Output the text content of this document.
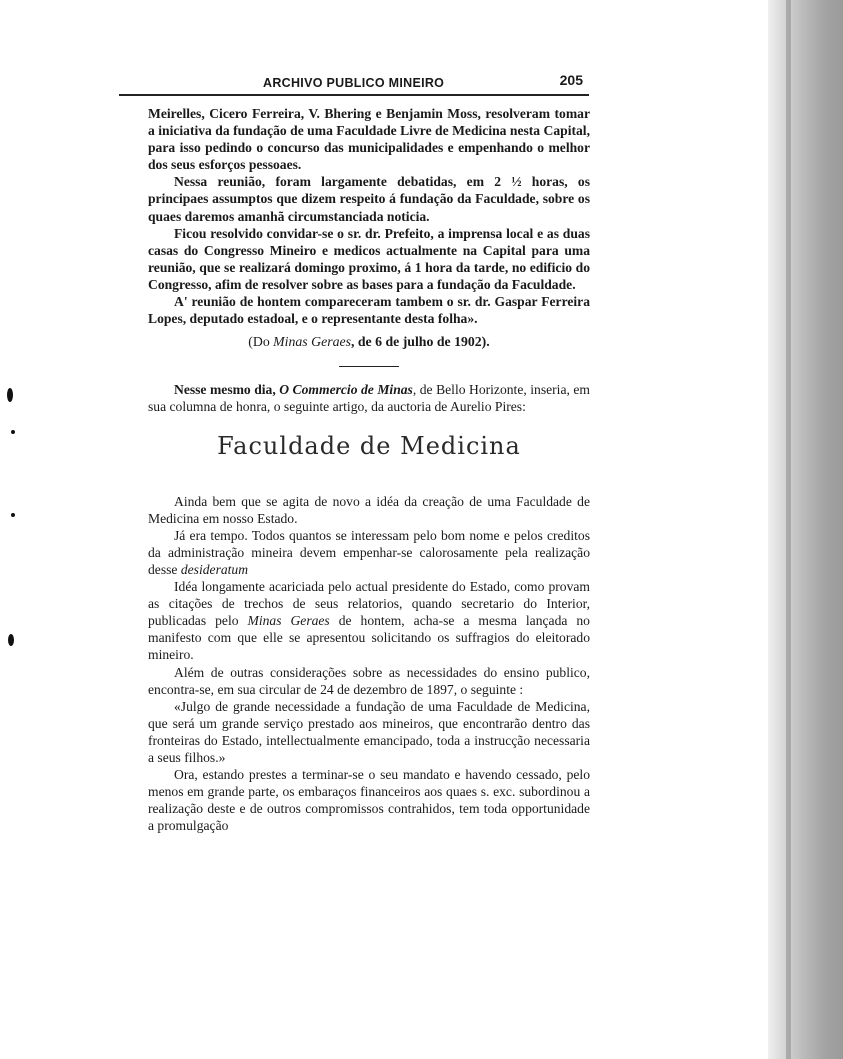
ARCHIVO PUBLICO MINEIRO	205

Meirelles, Cicero Ferreira, V. Bhering e Benjamin Moss, resolveram tomar a iniciativa da fundação de uma Faculdade Livre de Medicina nesta Capital, para isso pedindo o concurso das municipalidades e empenhando o melhor dos seus esforços pessoaes.

Nessa reunião, foram largamente debatidas, em 2 ½ horas, os principaes assumptos que dizem respeito á fundação da Faculdade, sobre os quaes daremos amanhã circumstanciada noticia.

Ficou resolvido convidar-se o sr. dr. Prefeito, a imprensa local e as duas casas do Congresso Mineiro e medicos actualmente na Capital para uma reunião, que se realizará domingo proximo, á 1 hora da tarde, no edificio do Congresso, afim de resolver sobre as bases para a fundação da Faculdade.

A' reunião de hontem compareceram tambem o sr. dr. Gaspar Ferreira Lopes, deputado estadoal, e o representante desta folha».

(Do Minas Geraes, de 6 de julho de 1902).

Nesse mesmo dia, O Commercio de Minas, de Bello Horizonte, inseria, em sua columna de honra, o seguinte artigo, da auctoria de Aurelio Pires:

Faculdade de Medicina

Ainda bem que se agita de novo a idéa da creação de uma Faculdade de Medicina em nosso Estado.

Já era tempo. Todos quantos se interessam pelo bom nome e pelos creditos da administração mineira devem empenhar-se calorosamente pela realização desse desideratum

Idéa longamente acariciada pelo actual presidente do Estado, como provam as citações de trechos de seus relatorios, quando secretario do Interior, publicadas pelo Minas Geraes de hontem, acha-se a mesma lançada no manifesto com que elle se apresentou solicitando os suffragios do eleitorado mineiro.

Além de outras considerações sobre as necessidades do ensino publico, encontra-se, em sua circular de 24 de dezembro de 1897, o seguinte :

«Julgo de grande necessidade a fundação de uma Faculdade de Medicina, que será um grande serviço prestado aos mineiros, que encontrarão dentro das fronteiras do Estado, intellectualmente emancipado, toda a instrucção necessaria a seus filhos.»

Ora, estando prestes a terminar-se o seu mandato e havendo cessado, pelo menos em grande parte, os embaraços financeiros aos quaes s. exc. subordinou a realização deste e de outros compromissos contrahidos, tem toda opportunidade a promulgação
